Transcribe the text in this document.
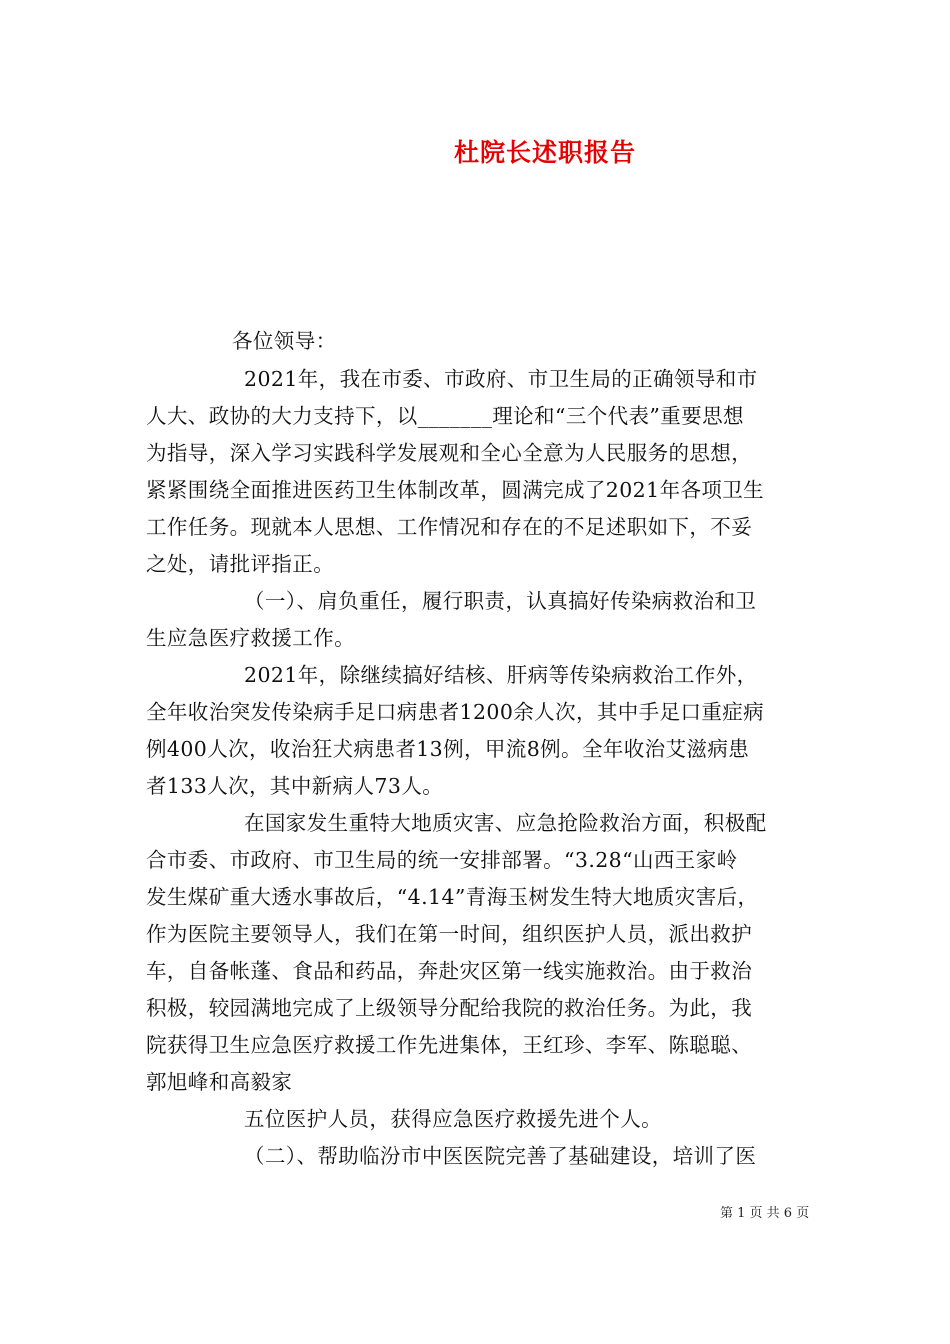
杜院长述职报告
各位领导：
2021年，我在市委、市政府、市卫生局的正确领导和市
人大、政协的大力支持下，以_______理论和“三个代表”重要思想
为指导，深入学习实践科学发展观和全心全意为人民服务的思想，
紧紧围绕全面推进医药卫生体制改革，圆满完成了2021年各项卫生
工作任务。现就本人思想、工作情况和存在的不足述职如下，不妥
之处，请批评指正。
（一）、肩负重任，履行职责，认真搞好传染病救治和卫
生应急医疗救援工作。
2021年，除继续搞好结核、肝病等传染病救治工作外，
全年收治突发传染病手足口病患者1200余人次，其中手足口重症病
例400人次，收治狂犬病患者13例，甲流8例。全年收治艾滋病患
者133人次，其中新病人73人。
在国家发生重特大地质灾害、应急抢险救治方面，积极配
合市委、市政府、市卫生局的统一安排部署。“3.28“山西王家岭
发生煤矿重大透水事故后，“4.14”青海玉树发生特大地质灾害后，
作为医院主要领导人，我们在第一时间，组织医护人员，派出救护
车，自备帐蓬、食品和药品，奔赴灾区第一线实施救治。由于救治
积极，较园满地完成了上级领导分配给我院的救治任务。为此，我
院获得卫生应急医疗救援工作先进集体，王红珍、李军、陈聪聪、
郭旭峰和高毅家
五位医护人员，获得应急医疗救援先进个人。
（二）、帮助临汾市中医医院完善了基础建设，培训了医
第 1 页 共 6 页
